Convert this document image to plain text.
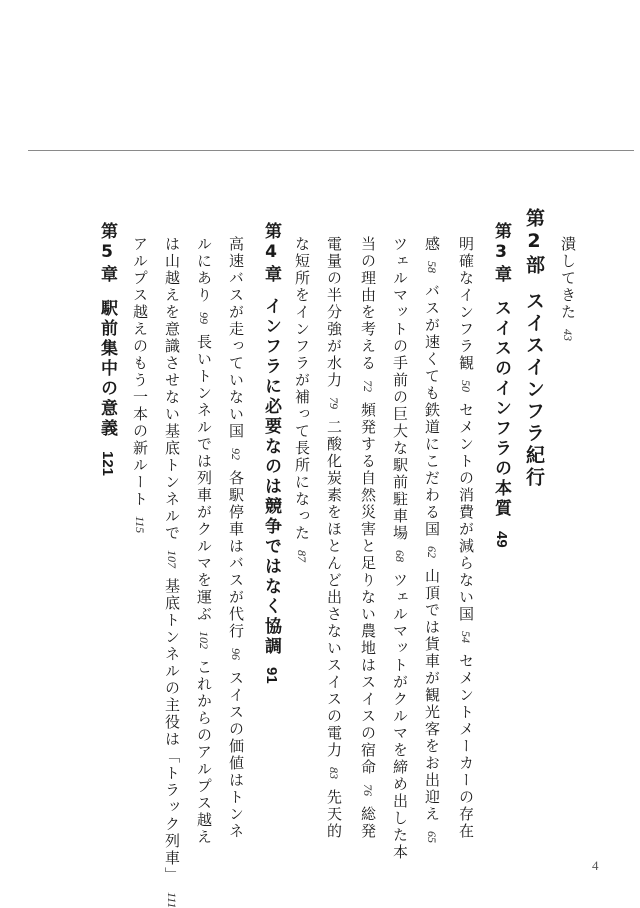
潰してきた43
第2部スイスインフラ紀行
第3章スイスのインフラの本質49
明確なインフラ観50セメントの消費が減らない国54セメントメーカーの存在
感58バスが速くても鉄道にこだわる国62山頂では貨車が観光客をお出迎え65
ツェルマットの手前の巨大な駅前駐車場68ツェルマットがクルマを締め出した本
当の理由を考える72頻発する自然災害と足りない農地はスイスの宿命76総発
電量の半分強が水力79二酸化炭素をほとんど出さないスイスの電力83先天的
な短所をインフラが補って長所になった87
第4章インフラに必要なのは競争ではなく協調91
高速バスが走っていない国92各駅停車はバスが代行96スイスの価値はトンネ
ルにあり99長いトンネルでは列車がクルマを運ぶ102これからのアルプス越え
は山越えを意識させない基底トンネルで107基底トンネルの主役は「トラック列車」111
アルプス越えのもう一本の新ルート115
第5章駅前集中の意義121
4
